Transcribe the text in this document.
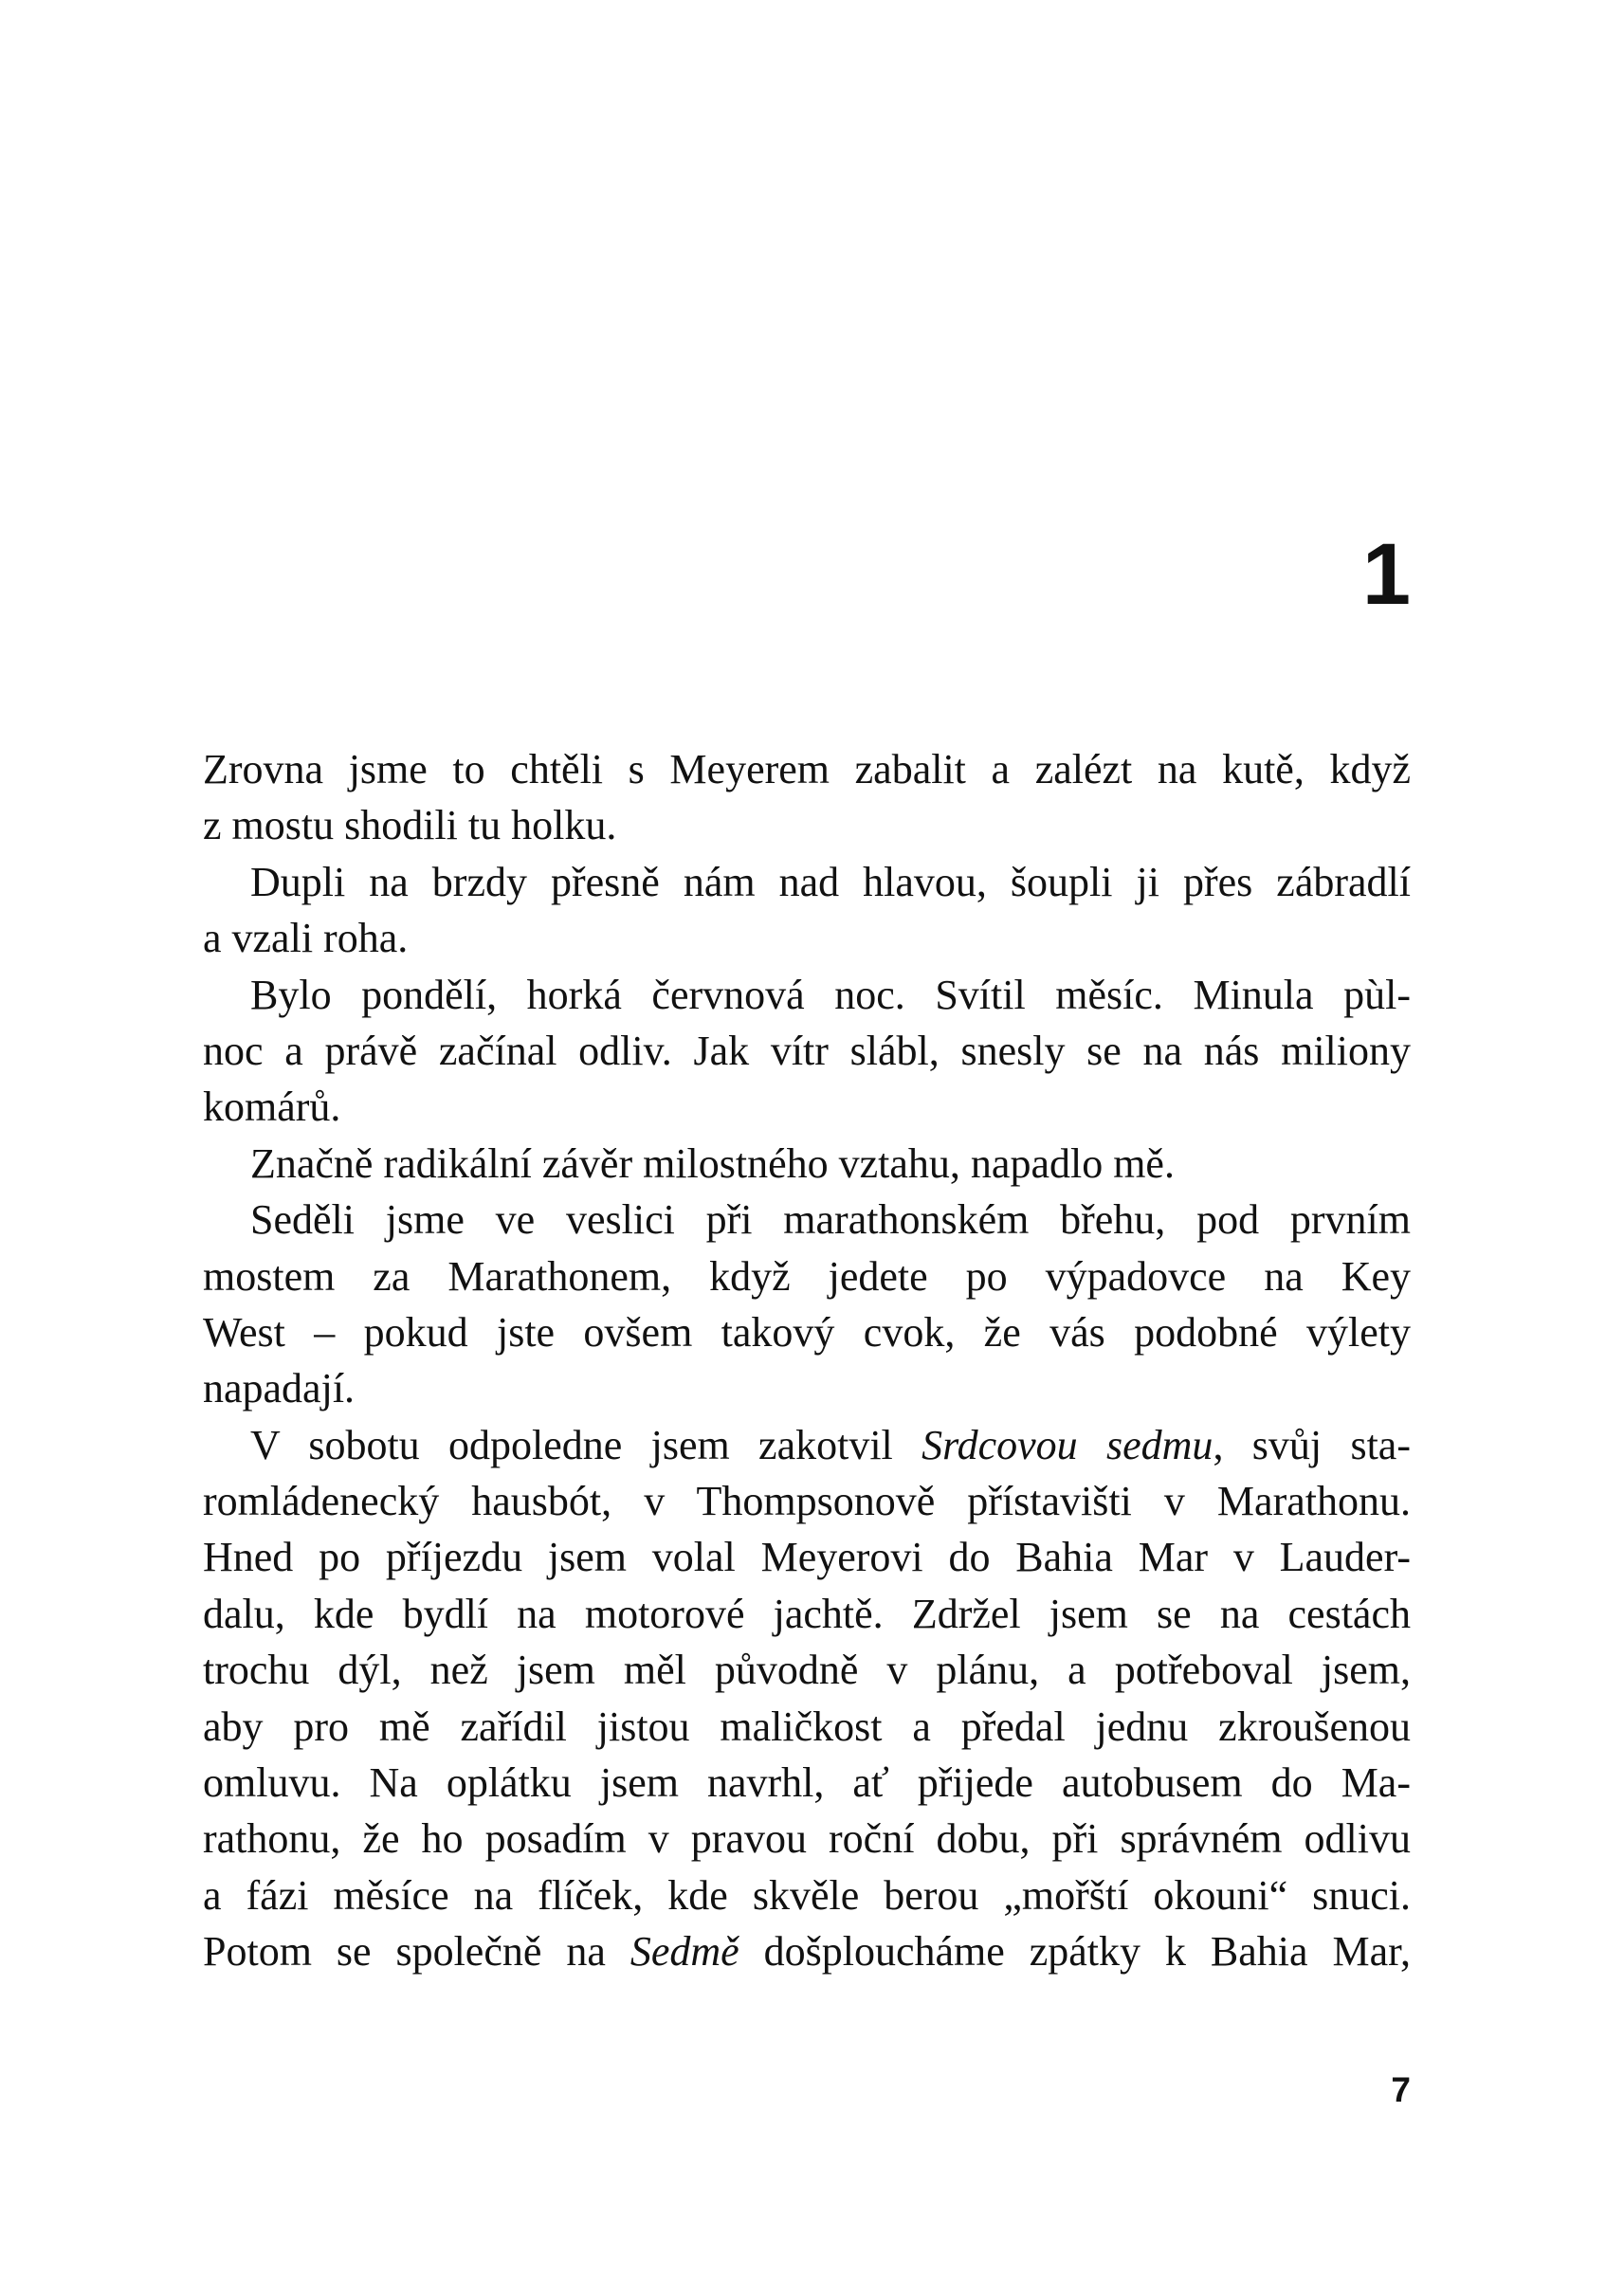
1
Zrovna jsme to chtěli s Meyerem zabalit a zalézt na kutě, když
z mostu shodili tu holku.
Dupli na brzdy přesně nám nad hlavou, šoupli ji přes zábradlí
a vzali roha.
Bylo pondělí, horká červnová noc. Svítil měsíc. Minula pùl-
noc a právě začínal odliv. Jak vítr slábl, snesly se na nás miliony
komárů.
Značně radikální závěr milostného vztahu, napadlo mě.
Seděli jsme ve veslici při marathonském břehu, pod prvním
mostem za Marathonem, když jedete po výpadovce na Key
West – pokud jste ovšem takový cvok, že vás podobné výlety
napadají.
V sobotu odpoledne jsem zakotvil Srdcovou sedmu, svůj sta-
romládenecký hausbót, v Thompsonově přístavišti v Marathonu.
Hned po příjezdu jsem volal Meyerovi do Bahia Mar v Lauder-
dalu, kde bydlí na motorové jachtě. Zdržel jsem se na cestách
trochu dýl, než jsem měl původně v plánu, a potřeboval jsem,
aby pro mě zařídil jistou maličkost a předal jednu zkroušenou
omluvu. Na oplátku jsem navrhl, ať přijede autobusem do Ma-
rathonu, že ho posadím v pravou roční dobu, při správném odlivu
a fázi měsíce na flíček, kde skvěle berou „mořští okouni“ snuci.
Potom se společně na Sedmě došploucháme zpátky k Bahia Mar,
7
